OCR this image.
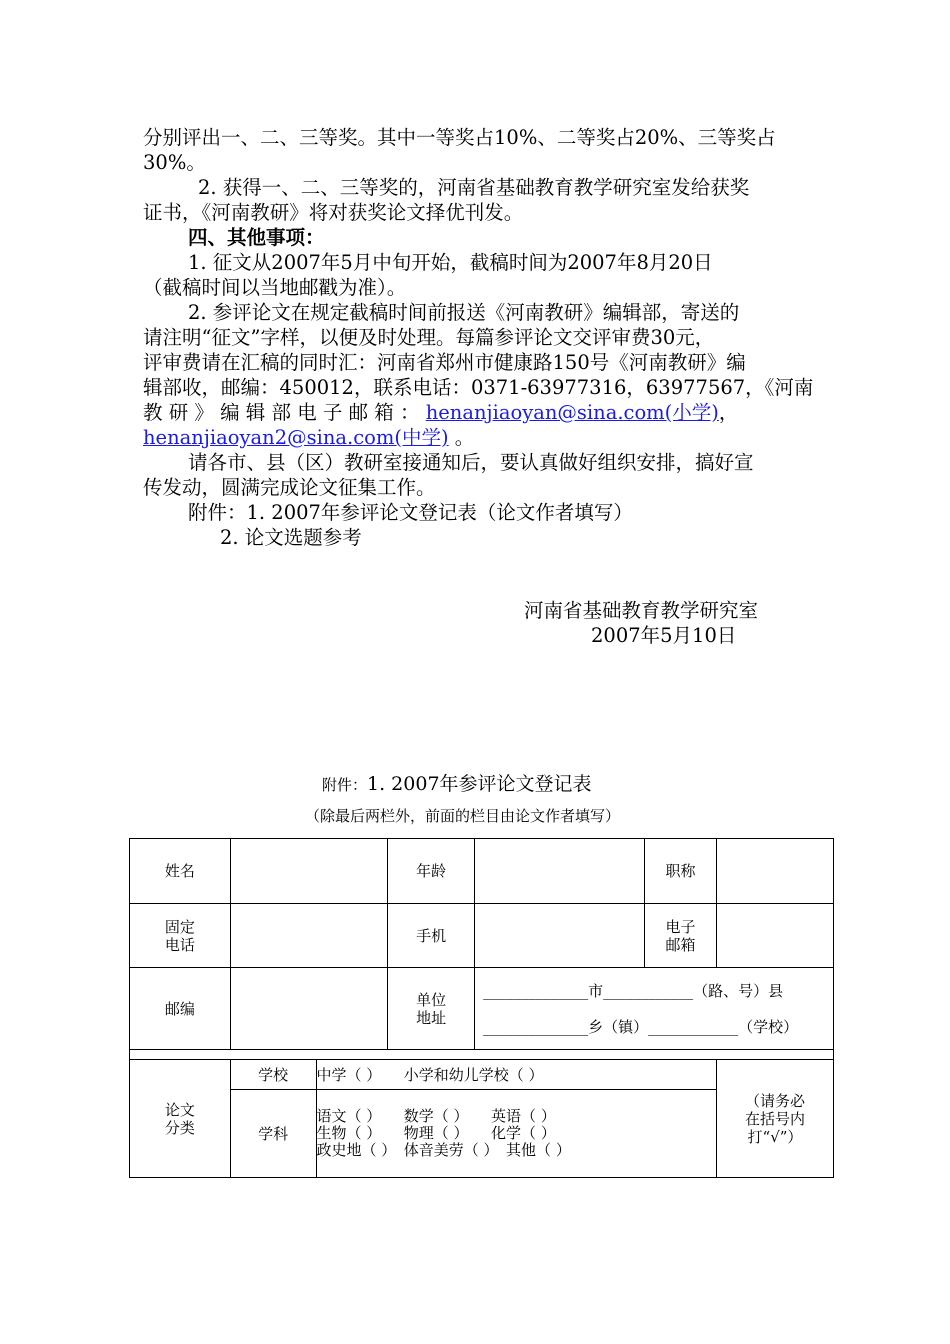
分别评出一、二、三等奖。其中一等奖占10%、二等奖占20%、三等奖占
30%。
2. 获得一、二、三等奖的，河南省基础教育教学研究室发给获奖
证书，《河南教研》将对获奖论文择优刊发。
四、其他事项：
1. 征文从2007年5月中旬开始，截稿时间为2007年8月20日
（截稿时间以当地邮戳为准）。
2. 参评论文在规定截稿时间前报送《河南教研》编辑部，寄送的
请注明“征文”字样，以便及时处理。每篇参评论文交评审费30元，
评审费请在汇稿的同时汇：河南省郑州市健康路150号《河南教研》编
辑部收，邮编：450012，联系电话：0371-63977316，63977567，《河南
教 研 》 编 辑 部 电 子 邮 箱 ： henanjiaoyan@sina.com(小学)，
henanjiaoyan2@sina.com(中学) 。
请各市、县（区）教研室接通知后，要认真做好组织安排，搞好宣
传发动，圆满完成论文征集工作。
附件：1. 2007年参评论文登记表（论文作者填写）
2. 论文选题参考
河南省基础教育教学研究室
2007年5月10日
附件：1. 2007年参评论文登记表
（除最后两栏外，前面的栏目由论文作者填写）
姓名			年龄		职称	

固定电话			手机		电子邮箱	

邮编			单位地址	______________市____________（路、号）县
______________乡（镇）____________（学校）		

论文分类	学校	中学（ ）　　小学和幼儿学校（ ）				（请务必在括号内打“√”）

	学科	语文（ ）　　数学（ ）　　英语（ ）
生物（ ）　　物理（ ）　　化学（ ）
政史地（ ）　体音美劳（ ）　其他（ ）				
